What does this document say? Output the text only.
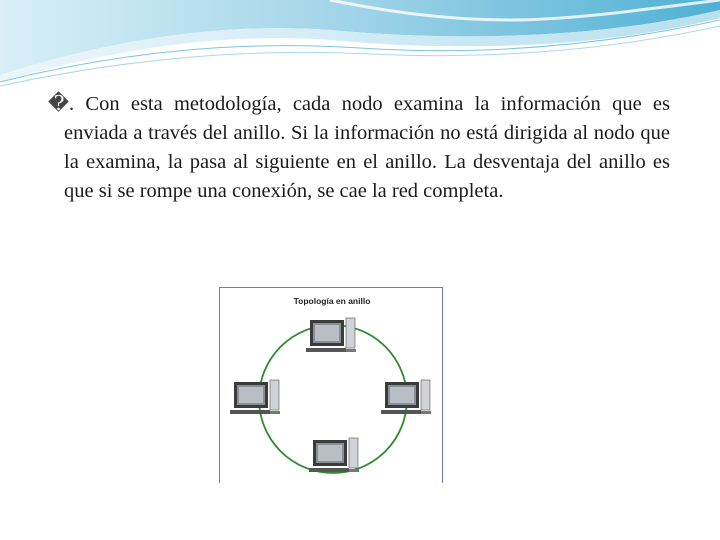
�. Con esta metodología, cada nodo examina la información que es enviada a través del anillo. Si la información no está dirigida al nodo que la examina, la pasa al siguiente en el anillo. La desventaja del anillo es que si se rompe una conexión, se cae la red completa.
Topología en anillo
